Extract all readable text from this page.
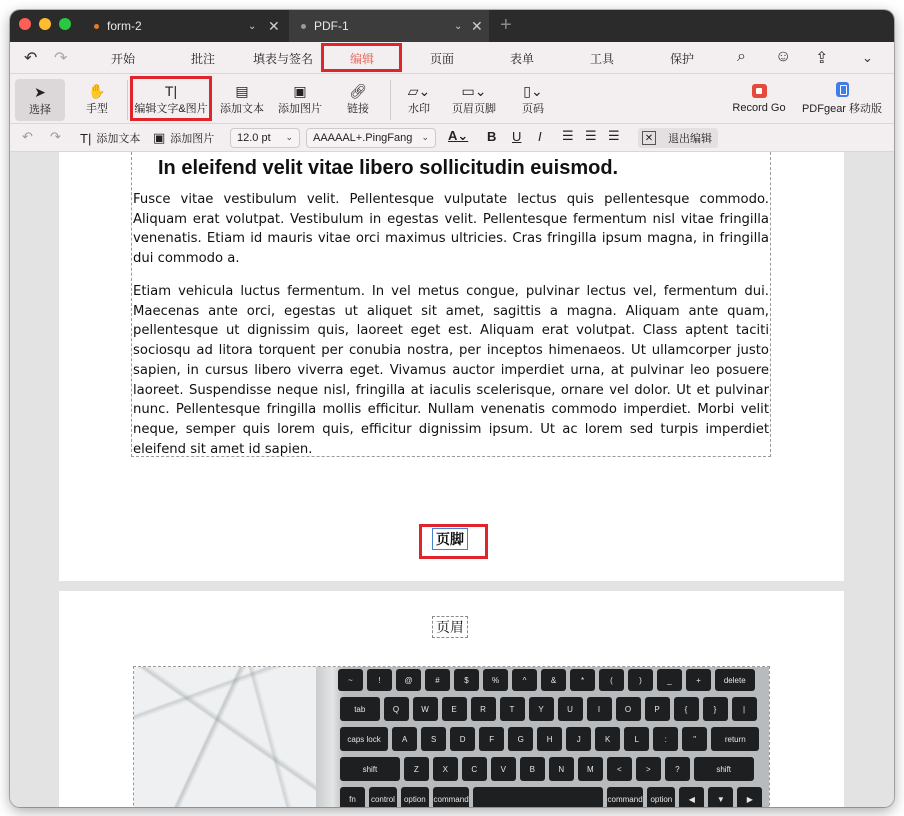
form-2	⌄ ✕	PDF-1	⌄ ✕ +
↶ ↷	开始	批注	填表与签名	编辑	页面	表单	工具	保护	⌕ ☺ ⇪	⌄
➤
选择
✋
手型
T|
编辑文字&图片
▤
添加文本
▣
添加图片
🔗︎
链接
▱⌄
水印
▭⌄
页眉页脚
▯⌄
页码	Record Go PDFgear 移动版
↶ ↷ T| 添加文本 ▣ 添加图片	12.0 pt ⌄	AAAAAL+.PingFang ⌄ A⌄ B U I ☰ ☰ ☰	✕ 退出编辑
In eleifend velit vitae libero sollicitudin euismod.
Fusce vitae vestibulum velit. Pellentesque vulputate lectus quis pellentesque commodo. Aliquam erat volutpat. Vestibulum in egestas velit. Pellentesque fermentum nisl vitae fringilla venenatis. Etiam id mauris vitae orci maximus ultricies. Cras fringilla ipsum magna, in fringilla dui commodo a.
Etiam vehicula luctus fermentum. In vel metus congue, pulvinar lectus vel, fermentum dui. Maecenas ante orci, egestas ut aliquet sit amet, sagittis a magna. Aliquam ante quam, pellentesque ut dignissim quis, laoreet eget est. Aliquam erat volutpat. Class aptent taciti sociosqu ad litora torquent per conubia nostra, per inceptos himenaeos. Ut ullamcorper justo sapien, in cursus libero viverra eget. Vivamus auctor imperdiet urna, at pulvinar leo posuere laoreet. Suspendisse neque nisl, fringilla at iaculis scelerisque, ornare vel dolor. Ut et pulvinar nunc. Pellentesque fringilla mollis efficitur. Nullam venenatis commodo imperdiet. Morbi velit neque, semper quis lorem quis, efficitur dignissim ipsum. Ut ac lorem sed turpis imperdiet eleifend sit amet id sapien.
页脚
页眉
~	!	@	#	$	%	^	&	*	(	)	_	+	delete
tab	Q	W	E	R	T	Y	U	I	O	P	{	}	|
caps lock	A	S	D	F	G	H	J	K	L	:	"	return
shift	Z	X	C	V	B	N	M	<	>	?	shift
fn	control	option command	command option	◀	▼	▶
